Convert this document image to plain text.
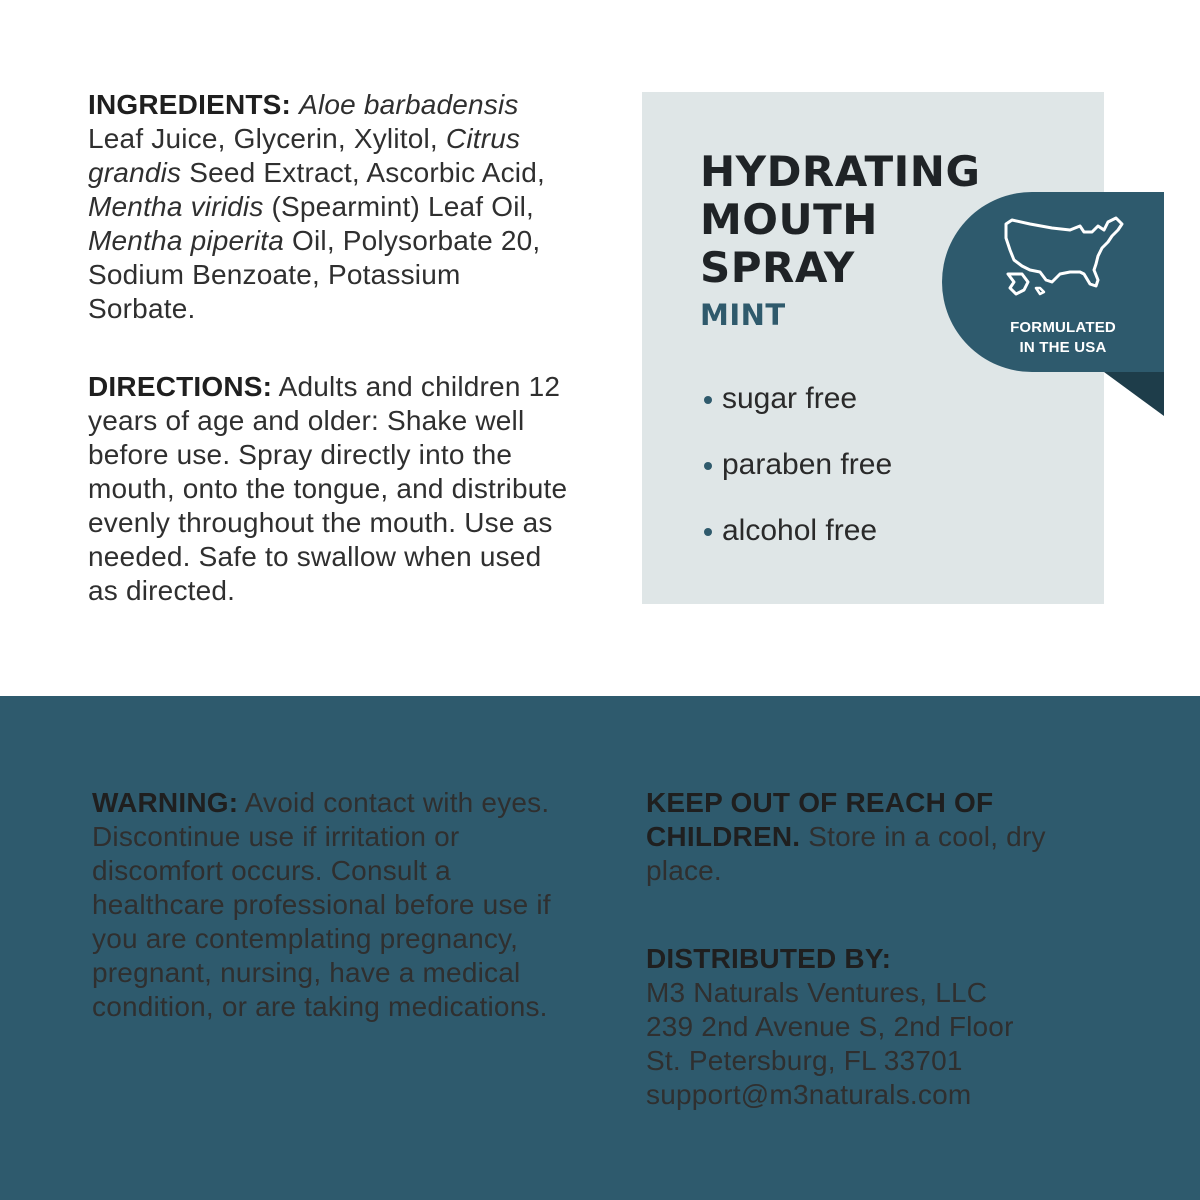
INGREDIENTS: Aloe barbadensis Leaf Juice, Glycerin, Xylitol, Citrus grandis Seed Extract, Ascorbic Acid, Mentha viridis (Spearmint) Leaf Oil, Mentha piperita Oil, Polysorbate 20, Sodium Benzoate, Potassium Sorbate.
DIRECTIONS: Adults and children 12 years of age and older: Shake well before use. Spray directly into the mouth, onto the tongue, and distribute evenly throughout the mouth. Use as needed. Safe to swallow when used as directed.
HYDRATING
MOUTH
SPRAY
MINT
sugar free
paraben free
alcohol free
FORMULATED
IN THE USA
WARNING: Avoid contact with eyes. Discontinue use if irritation or discomfort occurs. Consult a healthcare professional before use if you are contemplating pregnancy, pregnant, nursing, have a medical condition, or are taking medications.
KEEP OUT OF REACH OF CHILDREN. Store in a cool, dry place.
DISTRIBUTED BY:
M3 Naturals Ventures, LLC
239 2nd Avenue S, 2nd Floor
St. Petersburg, FL 33701
support@m3naturals.com
